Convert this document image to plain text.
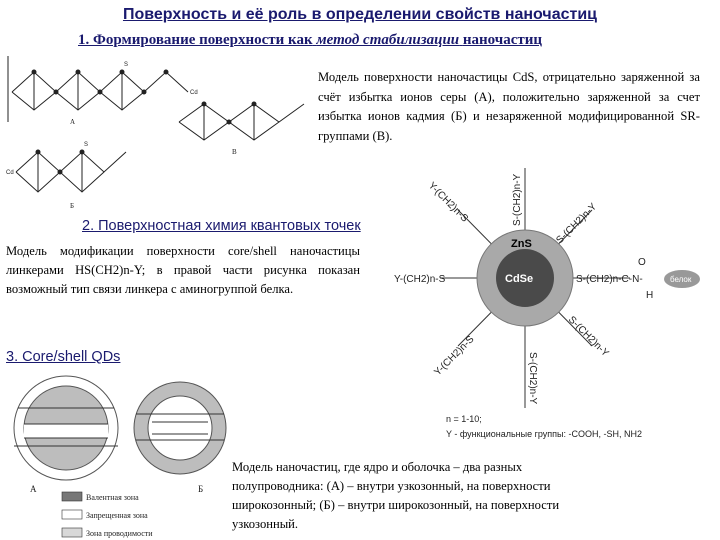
Поверхность и её роль в определении свойств наночастиц
1. Формирование поверхности как метод стабилизации наночастиц
Cd
S
Cd
S
А
В
Б
Модель поверхности наночастицы CdS, отрицательно заряженной за счёт избытка ионов серы (А), положительно заряженной за счет избытка ионов кадмия (Б) и незаряженной модифицированной SR-группами (В).
2. Поверхностная химия квантовых точек
Модель модификации поверхности core/shell наночастицы линкерами HS(CH2)n-Y; в правой части рисунка показан возможный тип связи линкера с аминогруппой белка.
ZnS
CdSe
Y-(CH2)n-S	S-(CH2)n-C-N-
O
H
S-(CH2)n-Y
S-(CH2)n-Y
Y-(CH2)n-S	S-(CH2)n-Y
Y-(CH2)n-S	S-(CH2)n-Y
белок
n = 1-10;
Y - функциональные группы: -COOH, -SH, NH2
3. Core/shell QDs
А	Б
Валентная зона
Запрещенная зона
Зона проводимости
Модель наночастиц, где ядро и оболочка – два разных полупроводника: (А) – внутри узкозонный, на поверхности широкозонный; (Б) – внутри широкозонный, на поверхности узкозонный.
